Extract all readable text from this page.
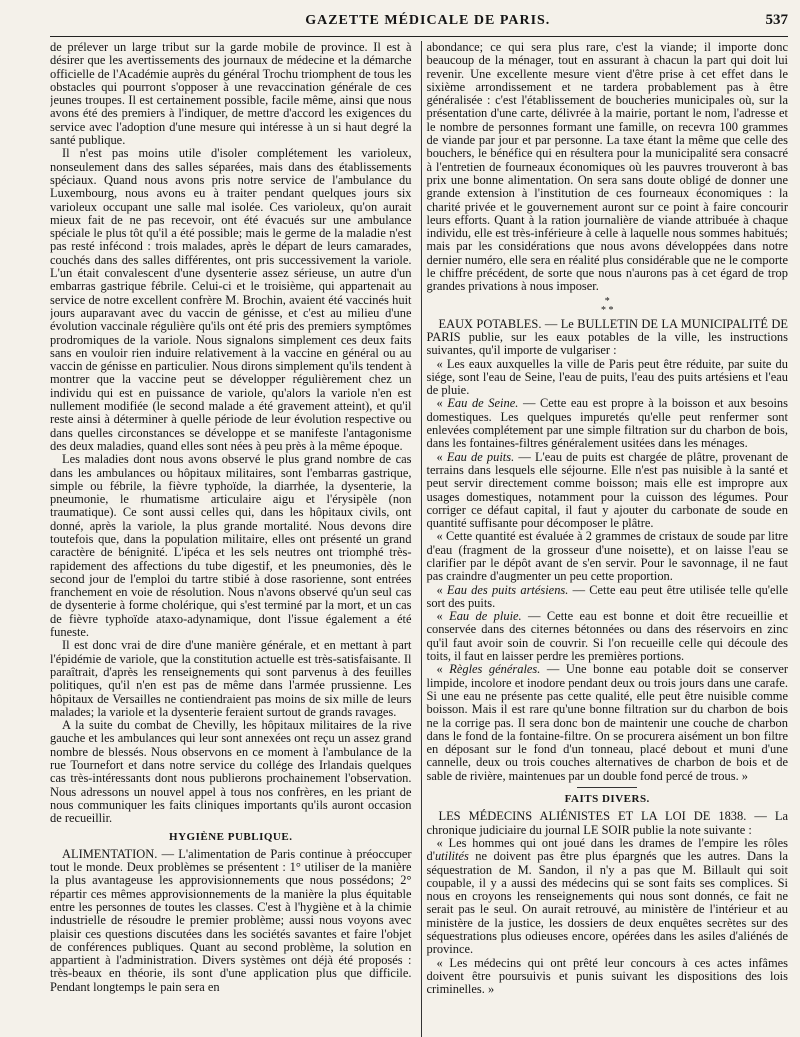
GAZETTE MÉDICALE DE PARIS.	537

de prélever un large tribut sur la garde mobile de province. Il est à désirer que les avertissements des journaux de médecine et la démarche officielle de l'Académie auprès du général Trochu triomphent de tous les obstacles qui pourront s'opposer à une revaccination générale de ces jeunes troupes. Il est certainement possible, facile même, ainsi que nous avons été des premiers à l'indiquer, de mettre d'accord les exigences du service avec l'adoption d'une mesure qui intéresse à un si haut degré la santé publique.

Il n'est pas moins utile d'isoler complétement les varioleux, nonseulement dans des salles séparées, mais dans des établissements spéciaux. Quand nous avons pris notre service de l'ambulance du Luxembourg, nous avons eu à traiter pendant quelques jours six varioleux occupant une salle mal isolée. Ces varioleux, qu'on aurait mieux fait de ne pas recevoir, ont été évacués sur une ambulance spéciale le plus tôt qu'il a été possible; mais le germe de la maladie n'est pas resté infécond : trois malades, après le départ de leurs camarades, couchés dans des salles différentes, ont pris successivement la variole. L'un était convalescent d'une dysenterie assez sérieuse, un autre d'un embarras gastrique fébrile. Celui-ci et le troisième, qui appartenait au service de notre excellent confrère M. Brochin, avaient été vaccinés huit jours auparavant avec du vaccin de génisse, et c'est au milieu d'une évolution vaccinale régulière qu'ils ont été pris des premiers symptômes prodromiques de la variole. Nous signalons simplement ces deux faits sans en vouloir rien induire relativement à la vaccine en général ou au vaccin de génisse en particulier. Nous dirons simplement qu'ils tendent à montrer que la vaccine peut se développer régulièrement chez un individu qui est en puissance de variole, qu'alors la variole n'en est nullement modifiée (le second malade a été gravement atteint), et qu'il reste ainsi à déterminer à quelle période de leur évolution respective ou dans quelles circonstances se développe et se manifeste l'antagonisme des deux maladies, quand elles sont nées à peu près à la même époque.

Les maladies dont nous avons observé le plus grand nombre de cas dans les ambulances ou hôpitaux militaires, sont l'embarras gastrique, simple ou fébrile, la fièvre typhoïde, la diarrhée, la dysenterie, la pneumonie, le rhumatisme articulaire aigu et l'érysipèle (non traumatique). Ce sont aussi celles qui, dans les hôpitaux civils, ont donné, après la variole, la plus grande mortalité. Nous devons dire toutefois que, dans la population militaire, elles ont présenté un grand caractère de bénignité. L'ipéca et les sels neutres ont triomphé très-rapidement des affections du tube digestif, et les pneumonies, dès le second jour de l'emploi du tartre stibié à dose rasorienne, sont entrées franchement en voie de résolution. Nous n'avons observé qu'un seul cas de dysenterie à forme cholérique, qui s'est terminé par la mort, et un cas de fièvre typhoïde ataxo-adynamique, dont l'issue également a été funeste.

Il est donc vrai de dire d'une manière générale, et en mettant à part l'épidémie de variole, que la constitution actuelle est très-satisfaisante. Il paraîtrait, d'après les renseignements qui sont parvenus à des feuilles politiques, qu'il n'en est pas de même dans l'armée prussienne. Les hôpitaux de Versailles ne contiendraient pas moins de six mille de leurs malades; la variole et la dysenterie feraient surtout de grands ravages.

A la suite du combat de Chevilly, les hôpitaux militaires de la rive gauche et les ambulances qui leur sont annexées ont reçu un assez grand nombre de blessés. Nous observons en ce moment à l'ambulance de la rue Tournefort et dans notre service du collége des Irlandais quelques cas très-intéressants dont nous publierons prochainement l'observation. Nous adressons un nouvel appel à tous nos confrères, en les priant de nous communiquer les faits cliniques importants qu'ils auront occasion de recueillir.

HYGIÈNE PUBLIQUE.

ALIMENTATION. — L'alimentation de Paris continue à préoccuper tout le monde. Deux problèmes se présentent : 1° utiliser de la manière la plus avantageuse les approvisionnements que nous possédons; 2° répartir ces mêmes approvisionnements de la manière la plus équitable entre les personnes de toutes les classes. C'est à l'hygiène et à la chimie industrielle de résoudre le premier problème; aussi nous voyons avec plaisir ces questions discutées dans les sociétés savantes et faire l'objet de conférences publiques. Quant au second problème, la solution en appartient à l'administration. Divers systèmes ont déjà été proposés : très-beaux en théorie, ils sont d'une application plus que difficile. Pendant longtemps le pain sera en

abondance; ce qui sera plus rare, c'est la viande; il importe donc beaucoup de la ménager, tout en assurant à chacun la part qui doit lui revenir. Une excellente mesure vient d'être prise à cet effet dans le sixième arrondissement et ne tardera probablement pas à être généralisée : c'est l'établissement de boucheries municipales où, sur la présentation d'une carte, délivrée à la mairie, portant le nom, l'adresse et le nombre de personnes formant une famille, on recevra 100 grammes de viande par jour et par personne. La taxe étant la même que celle des bouchers, le bénéfice qui en résultera pour la municipalité sera consacré à l'entretien de fourneaux économiques où les pauvres trouveront à bas prix une bonne alimentation. On sera sans doute obligé de donner une grande extension à l'institution de ces fourneaux économiques : la charité privée et le gouvernement auront sur ce point à faire concourir leurs efforts. Quant à la ration journalière de viande attribuée à chaque individu, elle est très-inférieure à celle à laquelle nous sommes habitués; mais par les considérations que nous avons développées dans notre dernier numéro, elle sera en réalité plus considérable que ne le comporte le chiffre précédent, de sorte que nous n'aurons pas à cet égard de trop grandes privations à nous imposer.

*
* *

EAUX POTABLES. — Le BULLETIN DE LA MUNICIPALITÉ DE PARIS publie, sur les eaux potables de la ville, les instructions suivantes, qu'il importe de vulgariser :

« Les eaux auxquelles la ville de Paris peut être réduite, par suite du siége, sont l'eau de Seine, l'eau de puits, l'eau des puits artésiens et l'eau de pluie.

« Eau de Seine. — Cette eau est propre à la boisson et aux besoins domestiques. Les quelques impuretés qu'elle peut renfermer sont enlevées complétement par une simple filtration sur du charbon de bois, dans les fontaines-filtres généralement usitées dans les ménages.

« Eau de puits. — L'eau de puits est chargée de plâtre, provenant de terrains dans lesquels elle séjourne. Elle n'est pas nuisible à la santé et peut servir directement comme boisson; mais elle est impropre aux usages domestiques, notamment pour la cuisson des légumes. Pour corriger ce défaut capital, il faut y ajouter du carbonate de soude en quantité suffisante pour décomposer le plâtre.

« Cette quantité est évaluée à 2 grammes de cristaux de soude par litre d'eau (fragment de la grosseur d'une noisette), et on laisse l'eau se clarifier par le dépôt avant de s'en servir. Pour le savonnage, il ne faut pas craindre d'augmenter un peu cette proportion.

« Eau des puits artésiens. — Cette eau peut être utilisée telle qu'elle sort des puits.

« Eau de pluie. — Cette eau est bonne et doit être recueillie et conservée dans des citernes bétonnées ou dans des réservoirs en zinc qu'il faut avoir soin de couvrir. Si l'on recueille celle qui découle des toits, il faut en laisser perdre les premières portions.

« Règles générales. — Une bonne eau potable doit se conserver limpide, incolore et inodore pendant deux ou trois jours dans une carafe. Si une eau ne présente pas cette qualité, elle peut être nuisible comme boisson. Mais il est rare qu'une bonne filtration sur du charbon de bois ne la corrige pas. Il sera donc bon de maintenir une couche de charbon dans le fond de la fontaine-filtre. On se procurera aisément un bon filtre en déposant sur le fond d'un tonneau, placé debout et muni d'une cannelle, deux ou trois couches alternatives de charbon de bois et de sable de rivière, maintenues par un double fond percé de trous. »

FAITS DIVERS.

LES MÉDECINS ALIÉNISTES ET LA LOI DE 1838. — La chronique judiciaire du journal LE SOIR publie la note suivante :

« Les hommes qui ont joué dans les drames de l'empire les rôles d'utilités ne doivent pas être plus épargnés que les autres. Dans la séquestration de M. Sandon, il n'y a pas que M. Billault qui soit coupable, il y a aussi des médecins qui se sont faits ses complices. Si nous en croyons les renseignements qui nous sont donnés, ce fait ne serait pas le seul. On aurait retrouvé, au ministère de l'intérieur et au ministère de la justice, les dossiers de deux enquêtes secrètes sur des séquestrations plus odieuses encore, opérées dans les asiles d'aliénés de province.

« Les médecins qui ont prêté leur concours à ces actes infâmes doivent être poursuivis et punis suivant les dispositions des lois criminelles. »
